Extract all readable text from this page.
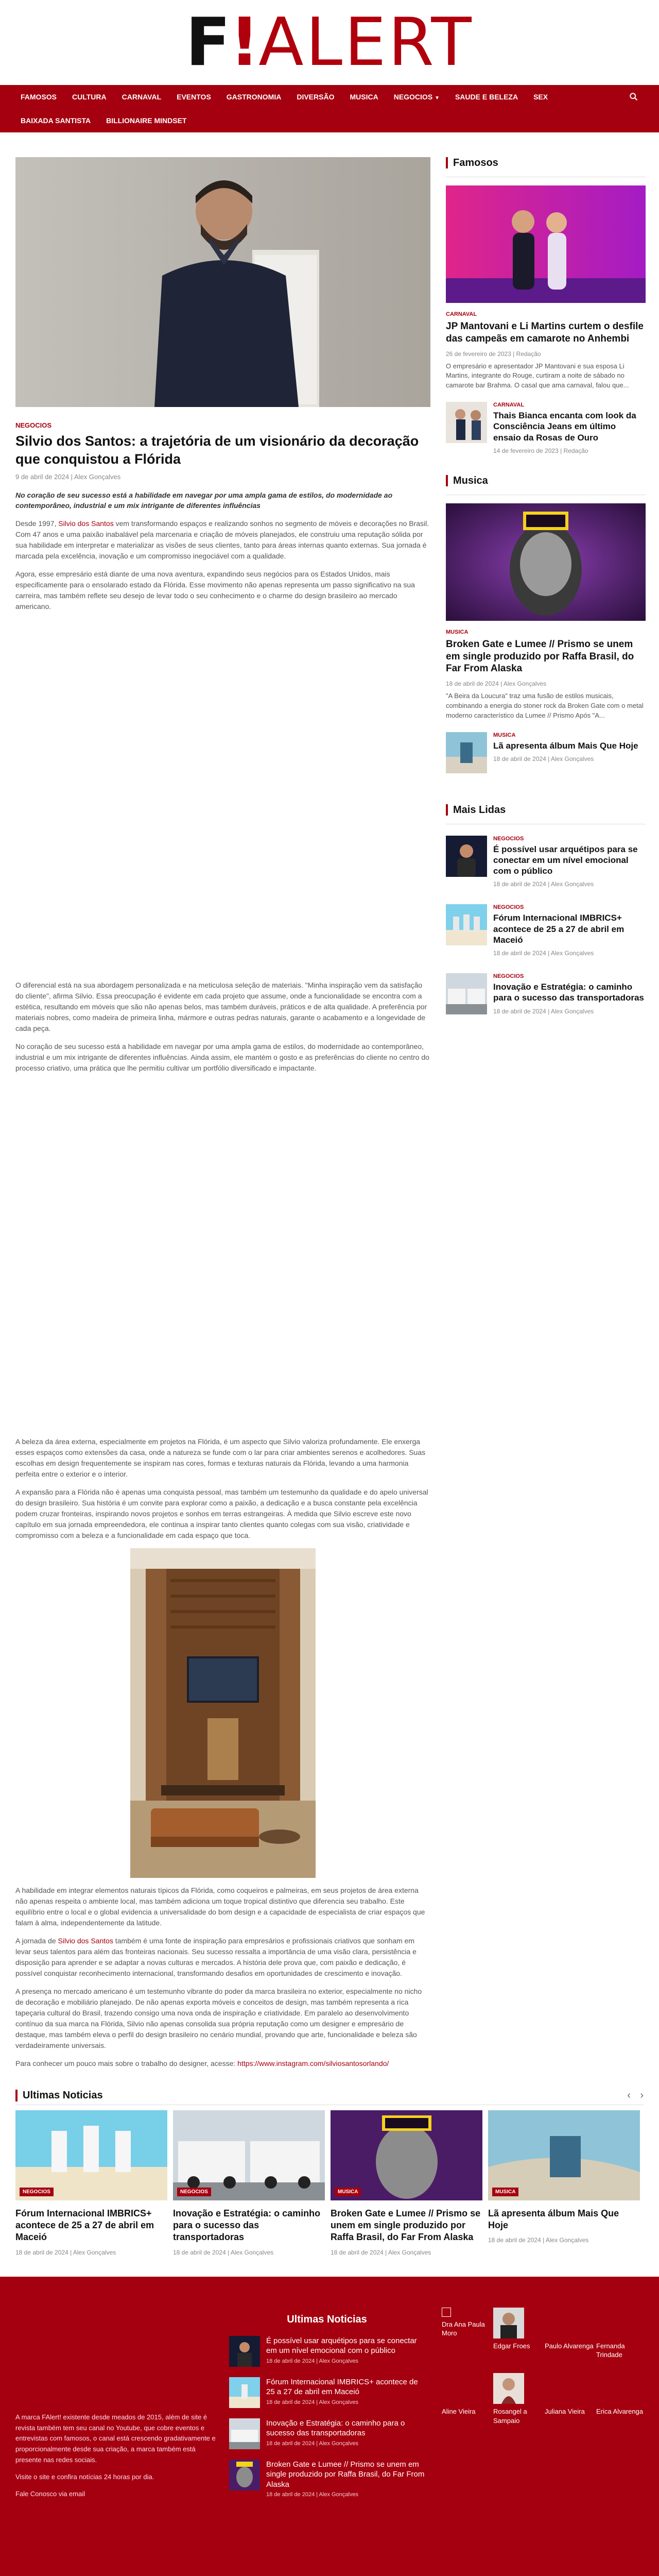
F!ALERT
FAMOSOS CULTURA CARNAVAL EVENTOS GASTRONOMIA DIVERSÃO MUSICA NEGOCIOS ▼ SAUDE E BELEZA SEX
BAIXADA SANTISTA BILLIONAIRE MINDSET
NEGOCIOS
Silvio dos Santos: a trajetória de um visionário da decoração que conquistou a Flórida
9 de abril de 2024 | Alex Gonçalves

No coração de seu sucesso está a habilidade em navegar por uma ampla gama de estilos, do modernidade ao contemporâneo, industrial e um mix intrigante de diferentes influências

Desde 1997, Silvio dos Santos vem transformando espaços e realizando sonhos no segmento de móveis e decorações no Brasil. Com 47 anos e uma paixão inabalável pela marcenaria e criação de móveis planejados, ele construiu uma reputação sólida por sua habilidade em interpretar e materializar as visões de seus clientes, tanto para áreas internas quanto externas. Sua jornada é marcada pela excelência, inovação e um compromisso inegociável com a qualidade.

Agora, esse empresário está diante de uma nova aventura, expandindo seus negócios para os Estados Unidos, mais especificamente para o ensolarado estado da Flórida. Esse movimento não apenas representa um passo significativo na sua carreira, mas também reflete seu desejo de levar todo o seu conhecimento e o charme do design brasileiro ao mercado americano.

O diferencial está na sua abordagem personalizada e na meticulosa seleção de materiais. "Minha inspiração vem da satisfação do cliente", afirma Silvio. Essa preocupação é evidente em cada projeto que assume, onde a funcionalidade se encontra com a estética, resultando em móveis que são não apenas belos, mas também duráveis, práticos e de alta qualidade. A preferência por materiais nobres, como madeira de primeira linha, mármore e outras pedras naturais, garante o acabamento e a longevidade de cada peça.

No coração de seu sucesso está a habilidade em navegar por uma ampla gama de estilos, do modernidade ao contemporâneo, industrial e um mix intrigante de diferentes influências. Ainda assim, ele mantém o gosto e as preferências do cliente no centro do processo criativo, uma prática que lhe permitiu cultivar um portfólio diversificado e impactante.

A beleza da área externa, especialmente em projetos na Flórida, é um aspecto que Silvio valoriza profundamente. Ele enxerga esses espaços como extensões da casa, onde a natureza se funde com o lar para criar ambientes serenos e acolhedores. Suas escolhas em design frequentemente se inspiram nas cores, formas e texturas naturais da Flórida, levando a uma harmonia perfeita entre o exterior e o interior.

A expansão para a Flórida não é apenas uma conquista pessoal, mas também um testemunho da qualidade e do apelo universal do design brasileiro. Sua história é um convite para explorar como a paixão, a dedicação e a busca constante pela excelência podem cruzar fronteiras, inspirando novos projetos e sonhos em terras estrangeiras. À medida que Silvio escreve este novo capítulo em sua jornada empreendedora, ele continua a inspirar tanto clientes quanto colegas com sua visão, criatividade e compromisso com a beleza e a funcionalidade em cada espaço que toca.

A habilidade em integrar elementos naturais típicos da Flórida, como coqueiros e palmeiras, em seus projetos de área externa não apenas respeita o ambiente local, mas também adiciona um toque tropical distintivo que diferencia seu trabalho. Este equilíbrio entre o local e o global evidencia a universalidade do bom design e a capacidade de especialista de criar espaços que falam à alma, independentemente da latitude.

A jornada de Silvio dos Santos também é uma fonte de inspiração para empresários e profissionais criativos que sonham em levar seus talentos para além das fronteiras nacionais. Seu sucesso ressalta a importância de uma visão clara, persistência e disposição para aprender e se adaptar a novas culturas e mercados. A história dele prova que, com paixão e dedicação, é possível conquistar reconhecimento internacional, transformando desafios em oportunidades de crescimento e inovação.

A presença no mercado americano é um testemunho vibrante do poder da marca brasileira no exterior, especialmente no nicho de decoração e mobiliário planejado. De não apenas exporta móveis e conceitos de design, mas também representa a rica tapeçaria cultural do Brasil, trazendo consigo uma nova onda de inspiração e criatividade. Em paralelo ao desenvolvimento contínuo da sua marca na Flórida, Silvio não apenas consolida sua própria reputação como um designer e empresário de destaque, mas também eleva o perfil do design brasileiro no cenário mundial, provando que arte, funcionalidade e beleza são verdadeiramente universais.

Para conhecer um pouco mais sobre o trabalho do designer, acesse: https://www.instagram.com/silviosantosorlando/

Famosos
CARNAVAL
JP Mantovani e Li Martins curtem o desfile das campeãs em camarote no Anhembi
26 de fevereiro de 2023 | Redação
O empresário e apresentador JP Mantovani e sua esposa Li Martins, integrante do Rouge, curtiram a noite de sábado no camarote bar Brahma. O casal que ama carnaval, falou que...
CARNAVAL
Thais Bianca encanta com look da Consciência Jeans em último ensaio da Rosas de Ouro
14 de fevereiro de 2023 | Redação
Musica
MUSICA
Broken Gate e Lumee // Prismo se unem em single produzido por Raffa Brasil, do Far From Alaska
18 de abril de 2024 | Alex Gonçalves
"A Beira da Loucura" traz uma fusão de estilos musicais, combinando a energia do stoner rock da Broken Gate com o metal moderno característico da Lumee // Prismo Após "A...
MUSICA
Lã apresenta álbum Mais Que Hoje
18 de abril de 2024 | Alex Gonçalves
Mais Lidas
NEGOCIOS
É possível usar arquétipos para se conectar em um nível emocional com o público
18 de abril de 2024 | Alex Gonçalves
NEGOCIOS
Fórum Internacional IMBRICS+ acontece de 25 a 27 de abril em Maceió
18 de abril de 2024 | Alex Gonçalves
NEGOCIOS
Inovação e Estratégia: o caminho para o sucesso das transportadoras
18 de abril de 2024 | Alex Gonçalves
Ultimas Noticias	‹ ›
NEGOCIOS
Fórum Internacional IMBRICS+ acontece de 25 a 27 de abril em Maceió
18 de abril de 2024 | Alex Gonçalves
NEGOCIOS
Inovação e Estratégia: o caminho para o sucesso das transportadoras
18 de abril de 2024 | Alex Gonçalves
MUSICA
Broken Gate e Lumee // Prismo se unem em single produzido por Raffa Brasil, do Far From Alaska
18 de abril de 2024 | Alex Gonçalves
MUSICA
Lã apresenta álbum Mais Que Hoje
18 de abril de 2024 | Alex Gonçalves

A marca FAlert! existente desde meados de 2015, além de site é revista também tem seu canal no Youtube, que cobre eventos e entrevistas com famosos, o canal está crescendo gradativamente e proporcionalmente desde sua criação, a marca também está presente nas redes sociais.

Visite o site e confira notícias 24 horas por dia.

Fale Conosco via email

Ultimas Noticias
É possível usar arquétipos para se conectar em um nível emocional com o público
18 de abril de 2024 | Alex Gonçalves
Fórum Internacional IMBRICS+ acontece de 25 a 27 de abril em Maceió
18 de abril de 2024 | Alex Gonçalves
Inovação e Estratégia: o caminho para o sucesso das transportadoras
18 de abril de 2024 | Alex Gonçalves
Broken Gate e Lumee // Prismo se unem em single produzido por Raffa Brasil, do Far From Alaska
18 de abril de 2024 | Alex Gonçalves
Dra Ana Paula Moro
Edgar Froes	Paulo Alvarenga Fernanda Trindade
Aline Vieira	Rosangel a Sampaio
Juliana Vieira	Erica Alvarenga
